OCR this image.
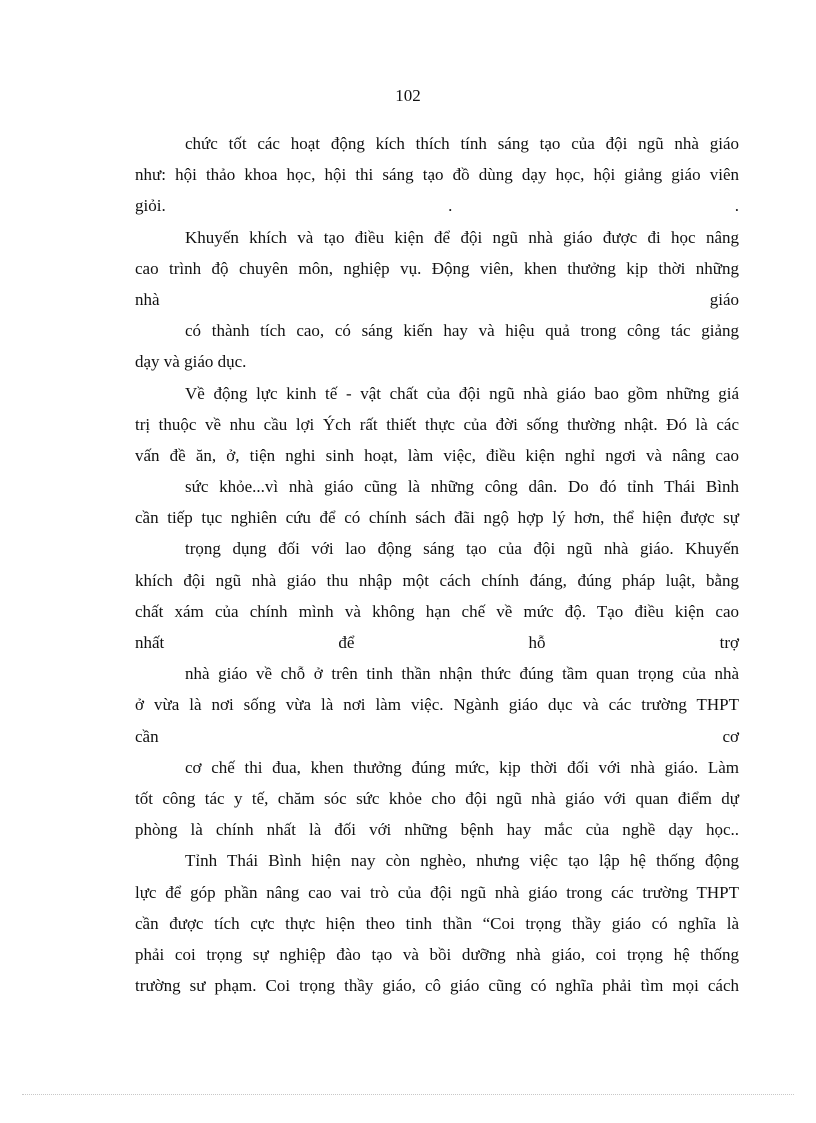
102
chức tốt các hoạt động kích thích tính sáng tạo của đội ngũ nhà giáo
như: hội thảo khoa học, hội thi sáng tạo đồ dùng dạy học, hội giảng giáo viên
giỏi. . .
Khuyến khích và tạo điều kiện để đội ngũ nhà giáo được đi học nâng
cao trình độ chuyên môn, nghiệp vụ. Động viên, khen thưởng kịp thời những
nhà giáo
có thành tích cao, có sáng kiến hay và hiệu quả trong công tác giảng
dạy và giáo dục.
Về động lực kinh tế - vật chất của đội ngũ nhà giáo bao gồm những giá
trị thuộc về nhu cầu lợi Ých rất thiết thực của đời sống thường nhật. Đó là các
vấn đề ăn, ở, tiện nghi sinh hoạt, làm việc, điều kiện nghỉ ngơi và nâng cao
sức khỏe...vì nhà giáo cũng là những công dân. Do đó tỉnh Thái Bình
cần tiếp tục nghiên cứu để có chính sách đãi ngộ hợp lý hơn, thể hiện được sự
trọng dụng đối với lao động sáng tạo của đội ngũ nhà giáo. Khuyến
khích đội ngũ nhà giáo thu nhập một cách chính đáng, đúng pháp luật, bằng
chất xám của chính mình và không hạn chế về mức độ. Tạo điều kiện cao
nhất để hỗ trợ
nhà giáo về chỗ ở trên tinh thần nhận thức đúng tầm quan trọng của nhà
ở vừa là nơi sống vừa là nơi làm việc. Ngành giáo dục và các trường THPT
cần cơ
cơ chế thi đua, khen thưởng đúng mức, kịp thời đối với nhà giáo. Làm
tốt công tác y tế, chăm sóc sức khỏe cho đội ngũ nhà giáo với quan điểm dự
phòng là chính nhất là đối với những bệnh hay mắc của nghề dạy học..
Tỉnh Thái Bình hiện nay còn nghèo, nhưng việc tạo lập hệ thống động
lực để góp phần nâng cao vai trò của đội ngũ nhà giáo trong các trường THPT
cần được tích cực thực hiện theo tinh thần “Coi trọng thầy giáo có nghĩa là
phải coi trọng sự nghiệp đào tạo và bồi dưỡng nhà giáo, coi trọng hệ thống
trường sư phạm. Coi trọng thầy giáo, cô giáo cũng có nghĩa phải tìm mọi cách
